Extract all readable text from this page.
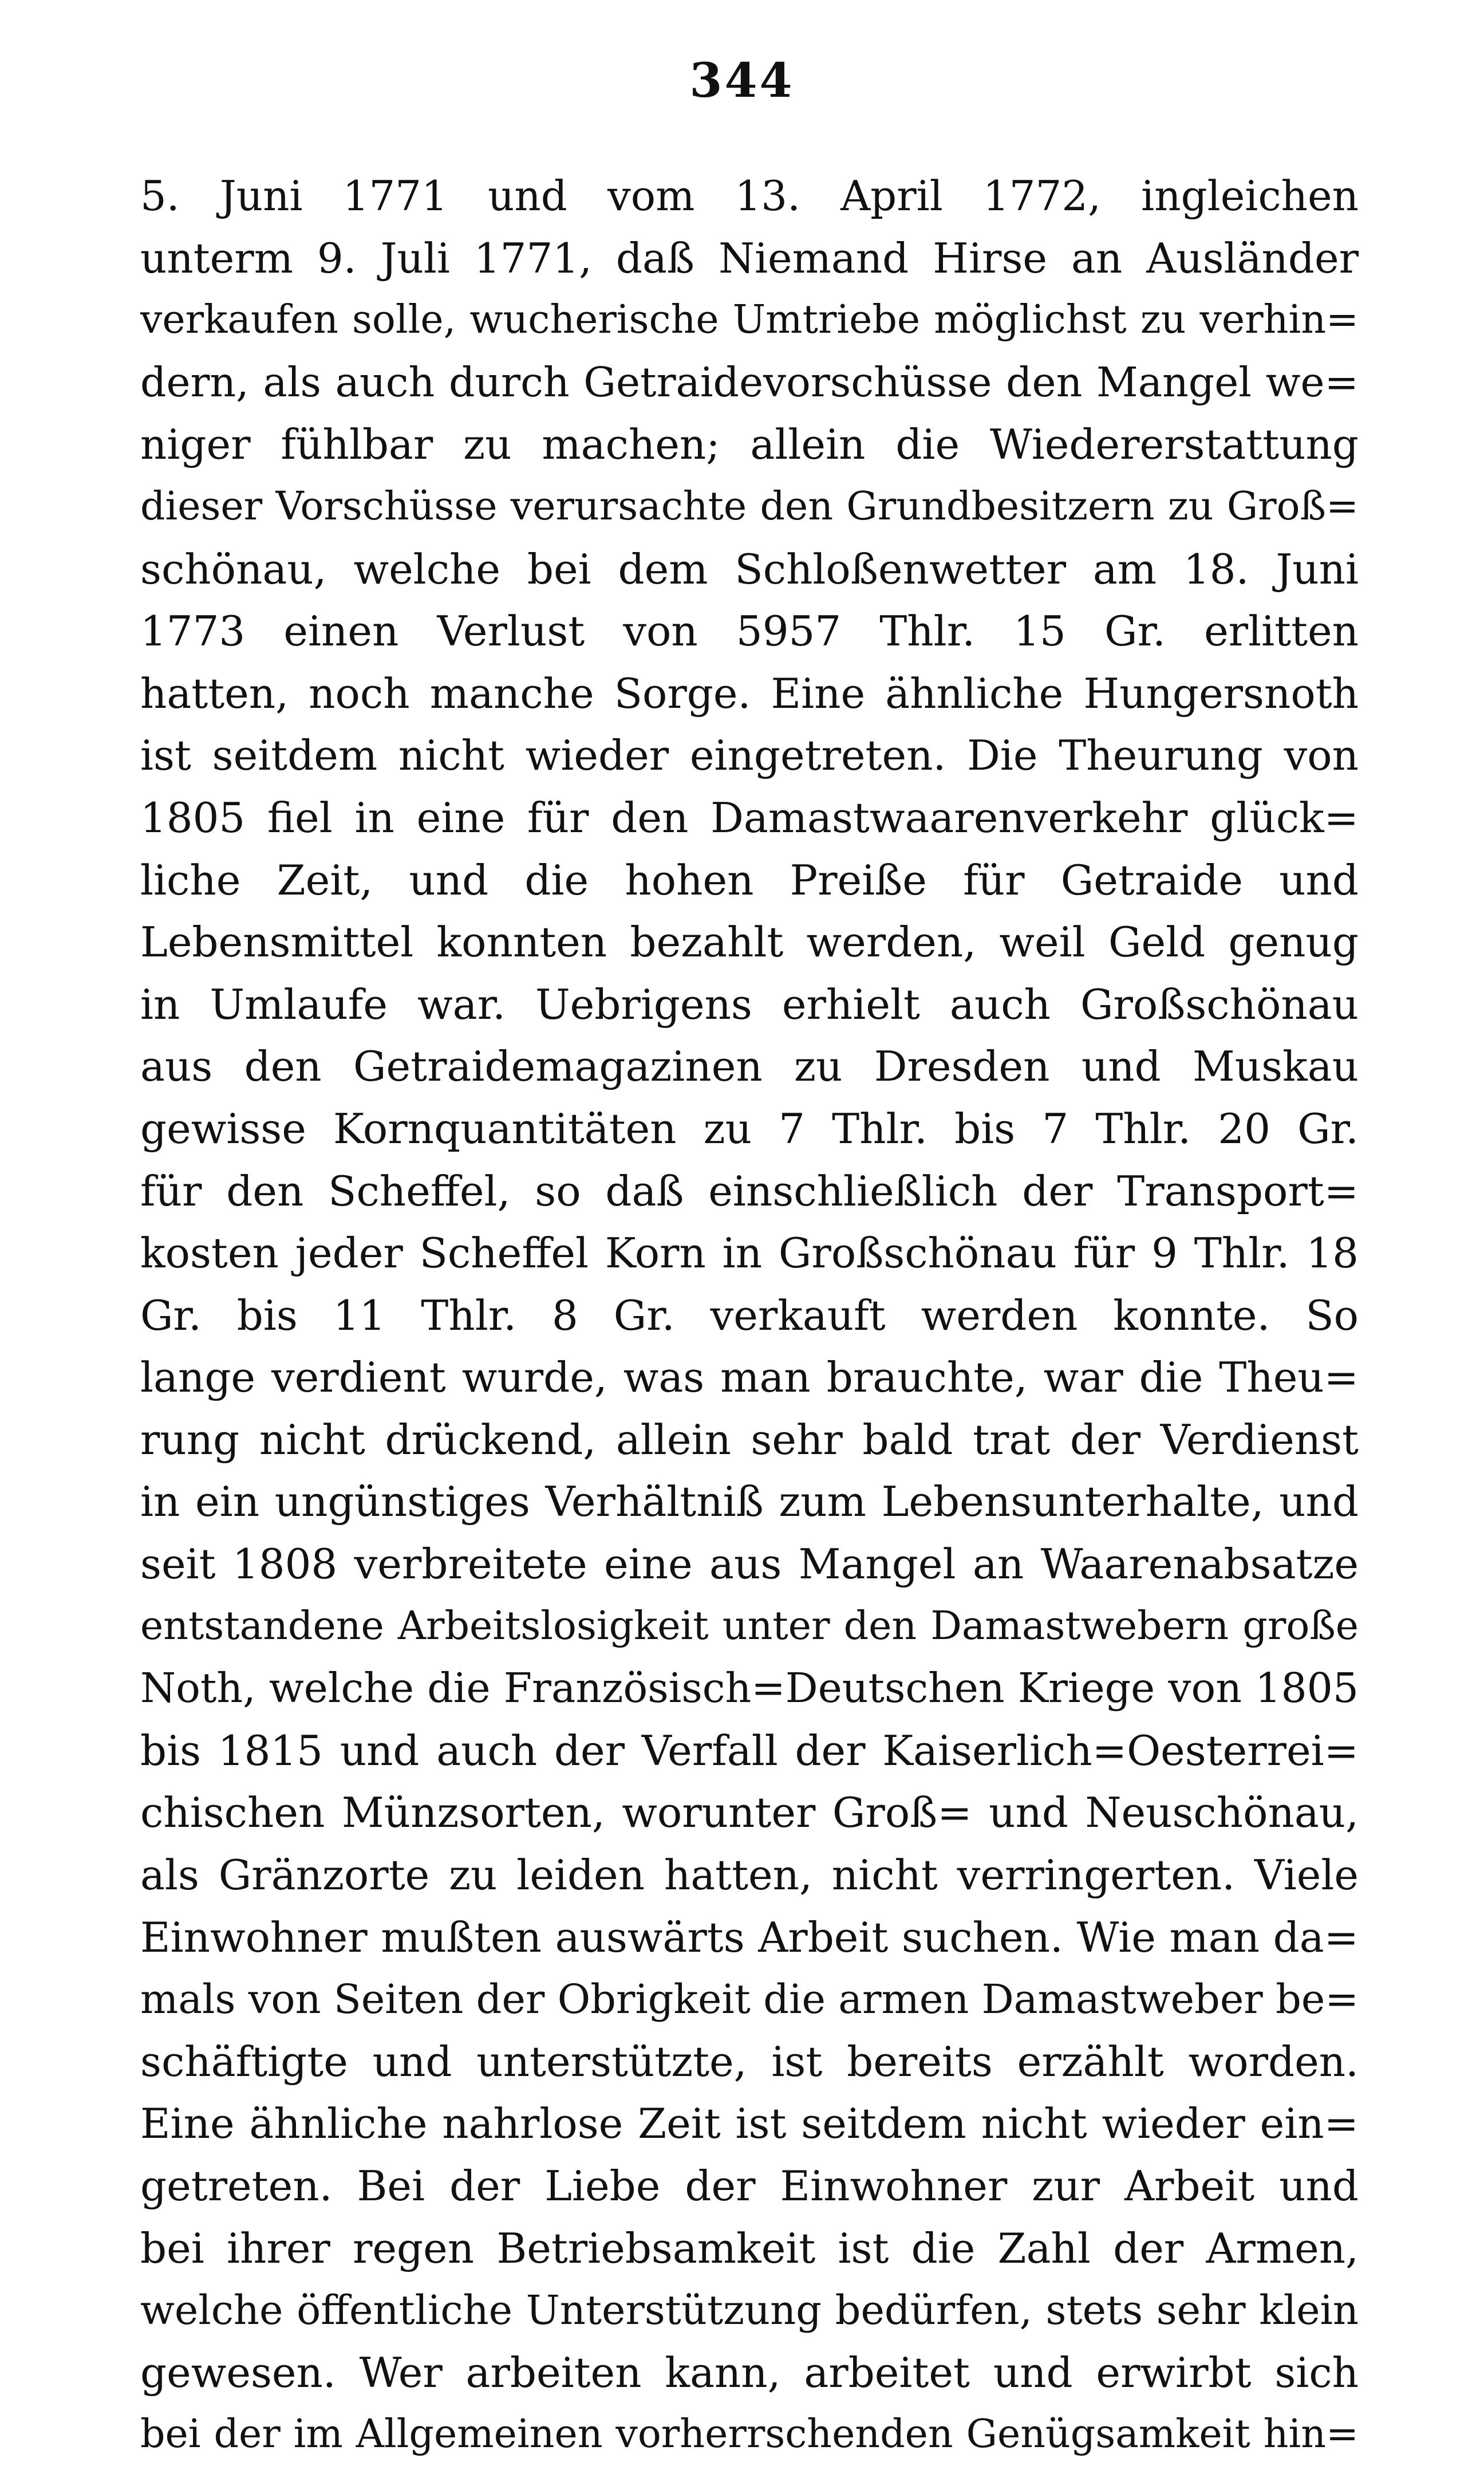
344
5. Juni 1771 und vom 13. April 1772, ingleichen
unterm 9. Juli 1771, daß Niemand Hirse an Ausländer
verkaufen solle, wucherische Umtriebe möglichst zu verhin=
dern, als auch durch Getraidevorschüsse den Mangel we=
niger fühlbar zu machen; allein die Wiedererstattung
dieser Vorschüsse verursachte den Grundbesitzern zu Groß=
schönau, welche bei dem Schloßenwetter am 18. Juni
1773 einen Verlust von 5957 Thlr. 15 Gr. erlitten
hatten, noch manche Sorge. Eine ähnliche Hungersnoth
ist seitdem nicht wieder eingetreten. Die Theurung von
1805 fiel in eine für den Damastwaarenverkehr glück=
liche Zeit, und die hohen Preiße für Getraide und
Lebensmittel konnten bezahlt werden, weil Geld genug
in Umlaufe war. Uebrigens erhielt auch Großschönau
aus den Getraidemagazinen zu Dresden und Muskau
gewisse Kornquantitäten zu 7 Thlr. bis 7 Thlr. 20 Gr.
für den Scheffel, so daß einschließlich der Transport=
kosten jeder Scheffel Korn in Großschönau für 9 Thlr. 18
Gr. bis 11 Thlr. 8 Gr. verkauft werden konnte. So
lange verdient wurde, was man brauchte, war die Theu=
rung nicht drückend, allein sehr bald trat der Verdienst
in ein ungünstiges Verhältniß zum Lebensunterhalte, und
seit 1808 verbreitete eine aus Mangel an Waarenabsatze
entstandene Arbeitslosigkeit unter den Damastwebern große
Noth, welche die Französisch=Deutschen Kriege von 1805
bis 1815 und auch der Verfall der Kaiserlich=Oesterrei=
chischen Münzsorten, worunter Groß= und Neuschönau,
als Gränzorte zu leiden hatten, nicht verringerten. Viele
Einwohner mußten auswärts Arbeit suchen. Wie man da=
mals von Seiten der Obrigkeit die armen Damastweber be=
schäftigte und unterstützte, ist bereits erzählt worden.
Eine ähnliche nahrlose Zeit ist seitdem nicht wieder ein=
getreten. Bei der Liebe der Einwohner zur Arbeit und
bei ihrer regen Betriebsamkeit ist die Zahl der Armen,
welche öffentliche Unterstützung bedürfen, stets sehr klein
gewesen. Wer arbeiten kann, arbeitet und erwirbt sich
bei der im Allgemeinen vorherrschenden Genügsamkeit hin=
